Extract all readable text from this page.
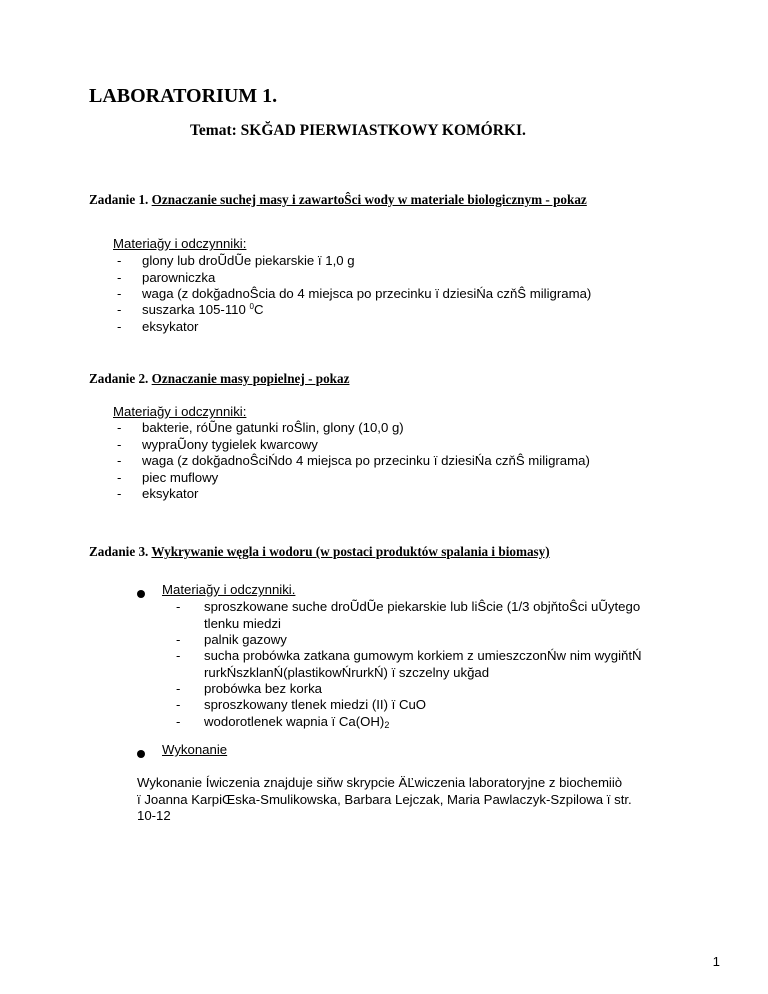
LABORATORIUM 1.
Temat: SKĞAD PIERWIASTKOWY KOMÓRKI.
Zadanie 1. Oznaczanie suchej masy i zawartoŜci wody w materiale biologicznym - pokaz
Materiağy i odczynniki:
- glony lub droŨdŨe piekarskie ï 1,0 g
- parowniczka
- waga (z dokğadnoŜcia do 4 miejsca po przecinku ï dziesiŃa czňŜ miligrama)
- suszarka 105-110 $^0$C
- eksykator
Zadanie 2. Oznaczanie masy popielnej - pokaz
Materiağy i odczynniki:
- bakterie, róŨne gatunki roŜlin, glony (10,0 g)
- wypraŨony tygielek kwarcowy
- waga (z dokğadnoŜciŃdo 4 miejsca po przecinku ï dziesiŃa czňŜ miligrama)
- piec muflowy
- eksykator
Zadanie 3. Wykrywanie węgla i wodoru (w postaci produktów spalania i biomasy)
Materiağy i odczynniki.
- sproszkowane suche droŨdŨe piekarskie lub liŜcie (1/3 objňtoŜci uŨytego
tlenku miedzi
- palnik gazowy
- sucha probówka zatkana gumowym korkiem z umieszczonŃw nim wygiňtŃ
rurkŃszklanŃ(plastikowŃrurkŃ) ï szczelny ukğad
- probówka bez korka
- sproszkowany tlenek miedzi (II) ï CuO
- wodorotlenek wapnia ï $Ca(OH)_2$
Wykonanie
Wykonanie Íwiczenia znajduje siňw skrypcie ÄĽwiczenia laboratoryjne z biochemiiò
ï Joanna KarpiŒska-Smulikowska, Barbara Lejczak, Maria Pawlaczyk-Szpilowa ï str.
10-12
1
